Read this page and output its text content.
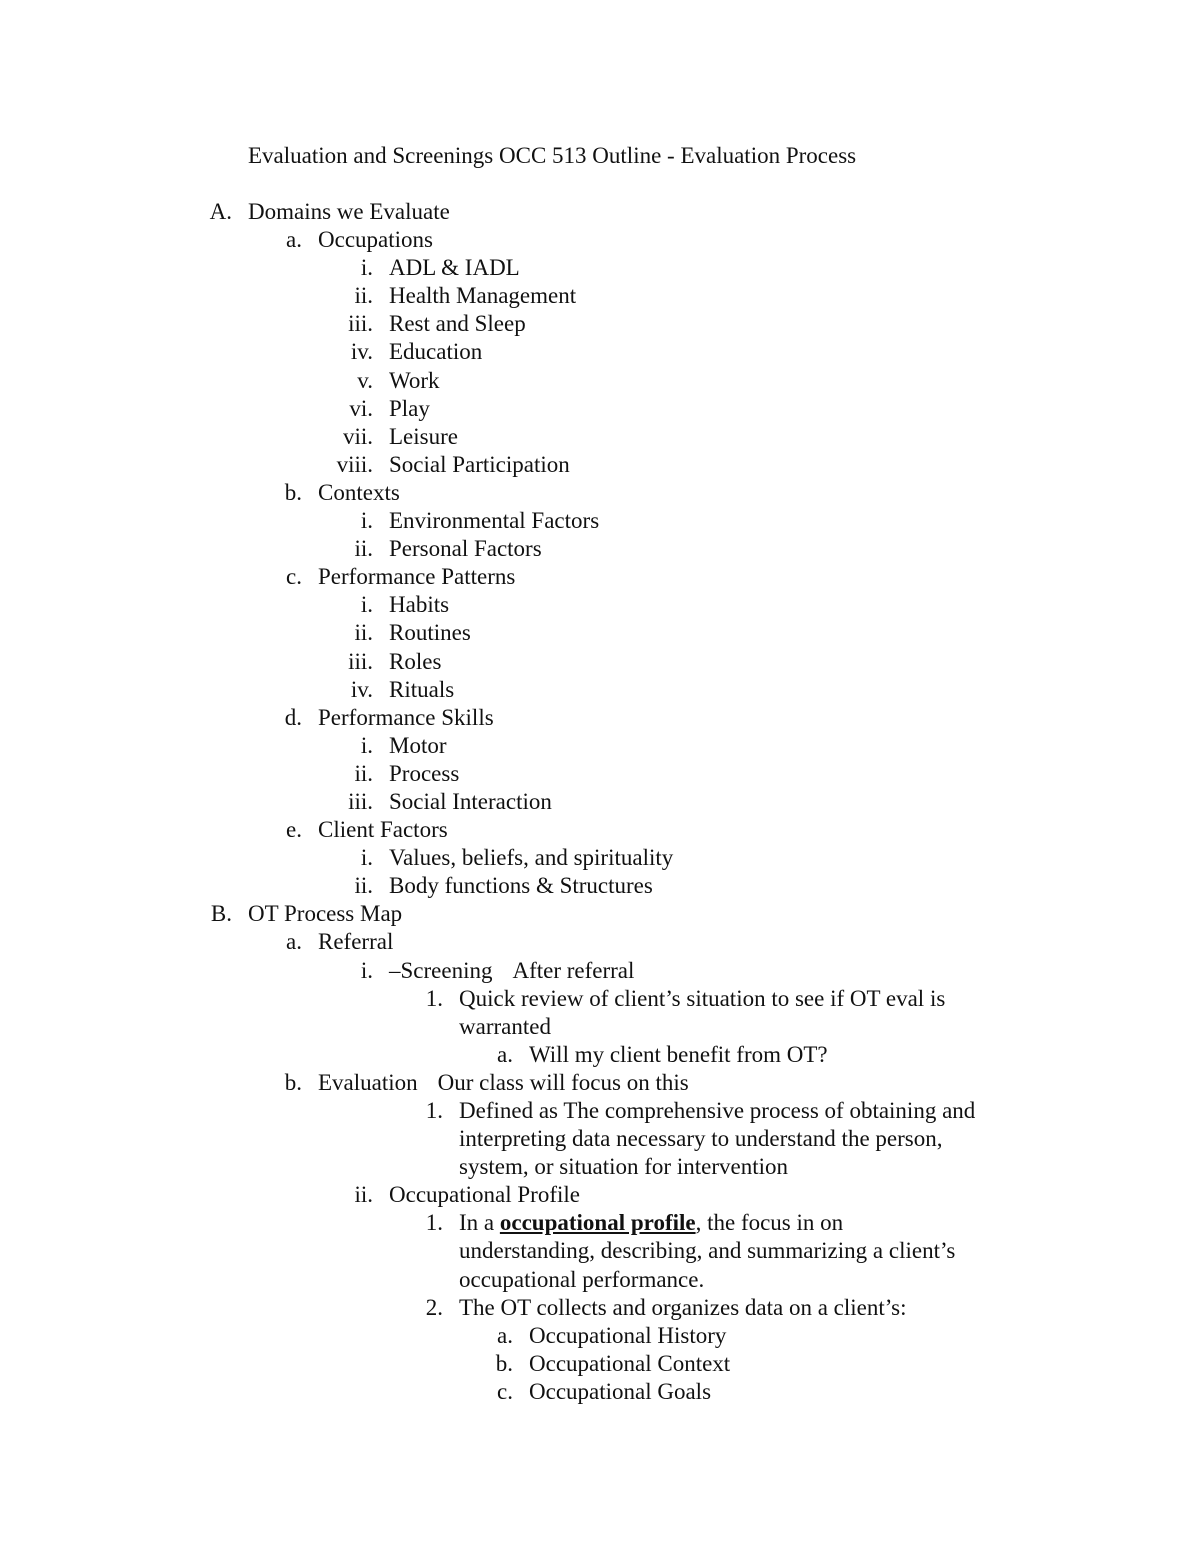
Evaluation and Screenings OCC 513 Outline - Evaluation Process
A. Domains we Evaluate
a. Occupations
i. ADL & IADL
ii. Health Management
iii. Rest and Sleep
iv. Education
v. Work
vi. Play
vii. Leisure
viii. Social Participation
b. Contexts
i. Environmental Factors
ii. Personal Factors
c. Performance Patterns
i. Habits
ii. Routines
iii. Roles
iv. Rituals
d. Performance Skills
i. Motor
ii. Process
iii. Social Interaction
e. Client Factors
i. Values, beliefs, and spirituality
ii. Body functions & Structures
B. OT Process Map
a. Referral
i. –Screening After referral
1. Quick review of client’s situation to see if OT eval is
warranted
a. Will my client benefit from OT?
b. Evaluation Our class will focus on this
1. Defined as The comprehensive process of obtaining and
interpreting data necessary to understand the person,
system, or situation for intervention
ii. Occupational Profile
1. In a occupational profile, the focus in on
understanding, describing, and summarizing a client’s
occupational performance.
2. The OT collects and organizes data on a client’s:
a. Occupational History
b. Occupational Context
c. Occupational Goals
